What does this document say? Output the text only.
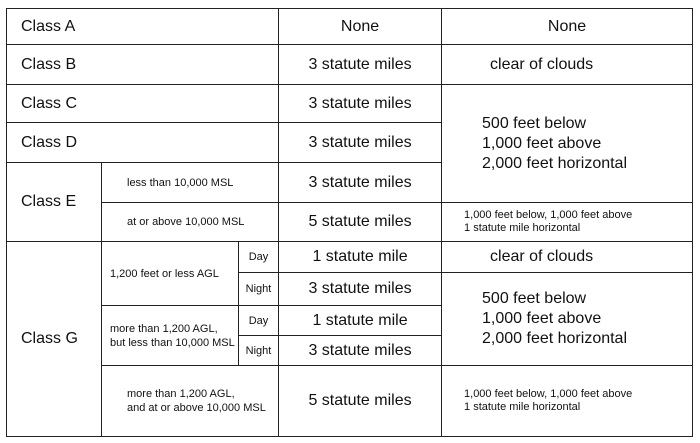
Class A			None	None
Class B			3 statute miles	clear of clouds
Class C			3 statute miles	500 feet below
1,000 feet above
2,000 feet horizontal

Class D			3 statute miles	
Class E	less than 10,000 MSL		3 statute miles	
	at or above 10,000 MSL		5 statute miles	1,000 feet below, 1,000 feet above
1 statute mile horizontal

Class G	1,200 feet or less AGL	Day	1 statute mile	clear of clouds
		Night	3 statute miles	500 feet below
1,000 feet above
2,000 feet horizontal

	more than 1,200 AGL,
but less than 10,000 MSL	Day	1 statute mile	
		Night	3 statute miles	

	more than 1,200 AGL,
and at or above 10,000 MSL		5 statute miles	1,000 feet below, 1,000 feet above
1 statute mile horizontal
